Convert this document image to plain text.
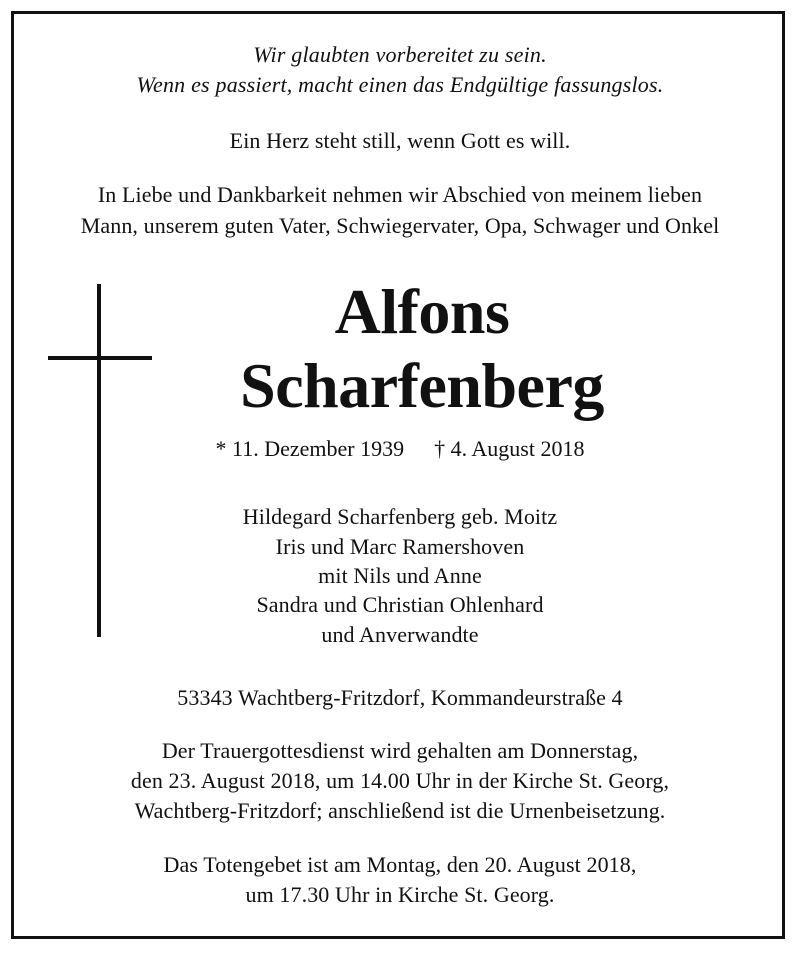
Wir glaubten vorbereitet zu sein.

Wenn es passiert, macht einen das Endgültige fassungslos.

Ein Herz steht still, wenn Gott es will.

In Liebe und Dankbarkeit nehmen wir Abschied von meinem lieben

Mann, unserem guten Vater, Schwiegervater, Opa, Schwager und Onkel

Alfons

Scharfenberg

* 11. Dezember 1939 † 4. August 2018

Hildegard Scharfenberg geb. Moitz

Iris und Marc Ramershoven

mit Nils und Anne

Sandra und Christian Ohlenhard

und Anverwandte

53343 Wachtberg-Fritzdorf, Kommandeurstraße 4

Der Trauergottesdienst wird gehalten am Donnerstag,

den 23. August 2018, um 14.00 Uhr in der Kirche St. Georg,

Wachtberg-Fritzdorf; anschließend ist die Urnenbeisetzung.

Das Totengebet ist am Montag, den 20. August 2018,

um 17.30 Uhr in Kirche St. Georg.
